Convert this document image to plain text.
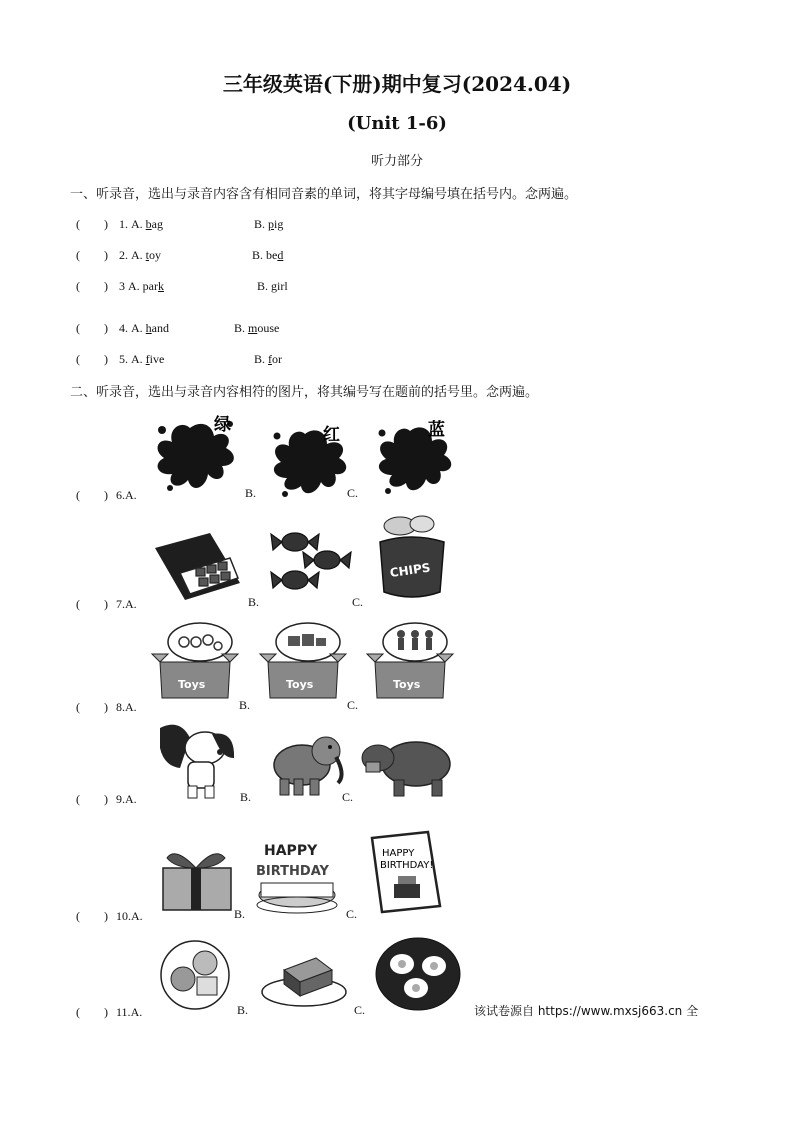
三年级英语(下册)期中复习(2024.04)
(Unit 1-6)
听力部分
一、听录音，选出与录音内容含有相同音素的单词，将其字母编号填在括号内。念两遍。
(　　) 1. A. bag	B. pig
(　　) 2. A. toy	B. bed
(　　) 3 A. park	B. girl
(　　) 4. A. hand	B. mouse
(　　) 5. A. five	B. for
二、听录音，选出与录音内容相符的图片，将其编号写在题前的括号里。念两遍。
绿	红	蓝
CHIPS
Toys	Toys	Toys
HAPPY
BIRTHDAY
HAPPY
BIRTHDAY!
(　　) 6.A.	B.	C.
(　　) 7.A.	B.	C.
(　　) 8.A.	B.	C.
(　　) 9.A.	B.	C.
(　　) 10.A.	B.	C.
(　　) 11.A.	B.	C.	该试卷源自 https://www.mxsj663.cn 全
